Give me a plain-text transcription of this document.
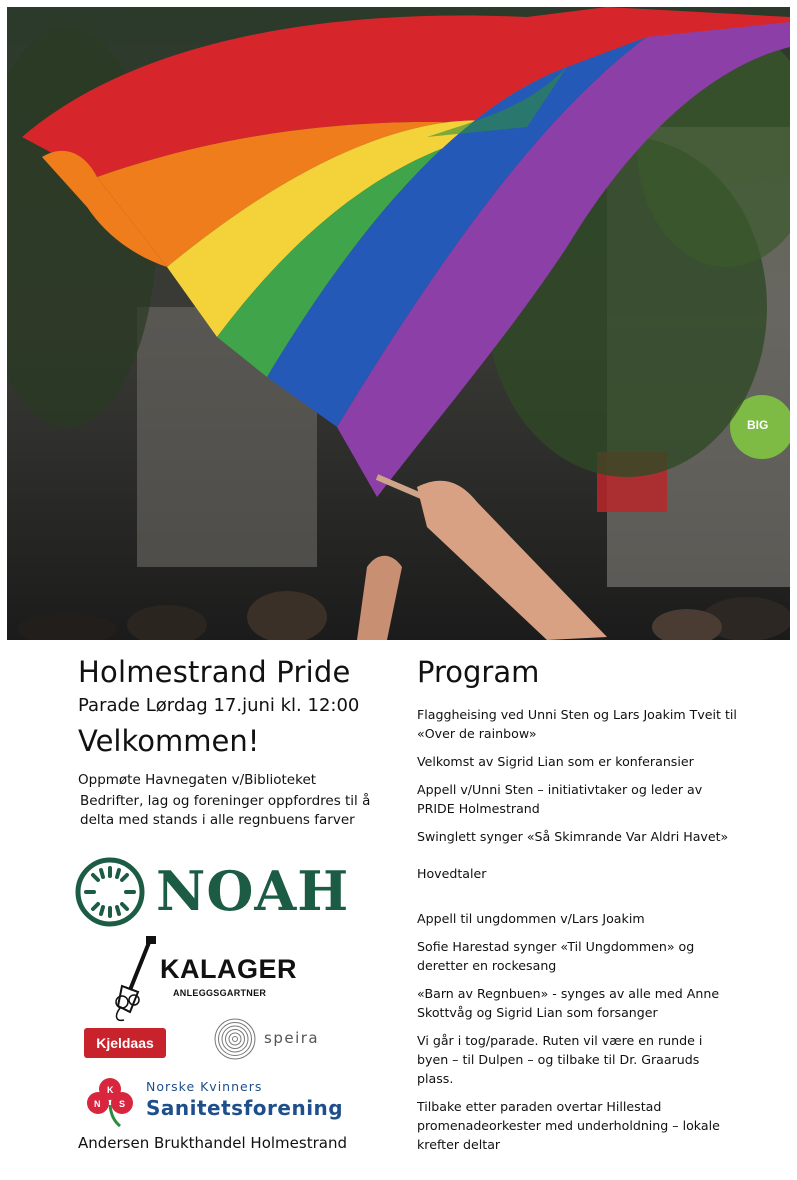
BIG
Holmestrand Pride
Parade Lørdag 17.juni kl. 12:00
Velkommen!
Oppmøte Havnegaten v/Biblioteket
Bedrifter, lag og foreninger oppfordres til å delta med stands i alle regnbuens farver
NOAH
KALAGER
ANLEGGSGARTNER
Kjeldaas	speira
K
N S
Norske Kvinners
Sanitetsforening
Andersen Brukthandel Holmestrand
Program
Flaggheising ved Unni Sten og Lars Joakim Tveit til «Over de rainbow»
Velkomst av Sigrid Lian som er konferansier
Appell v/Unni Sten – initiativtaker og leder av PRIDE Holmestrand
Swinglett synger «Så Skimrande Var Aldri Havet»
Hovedtaler
Appell til ungdommen v/Lars Joakim
Sofie Harestad synger «Til Ungdommen» og deretter en rockesang
«Barn av Regnbuen» - synges av alle med Anne Skottvåg og Sigrid Lian som forsanger
Vi går i tog/parade. Ruten vil være en runde i byen – til Dulpen – og tilbake til Dr. Graaruds plass.
Tilbake etter paraden overtar Hillestad promenadeorkester med underholdning – lokale krefter deltar
